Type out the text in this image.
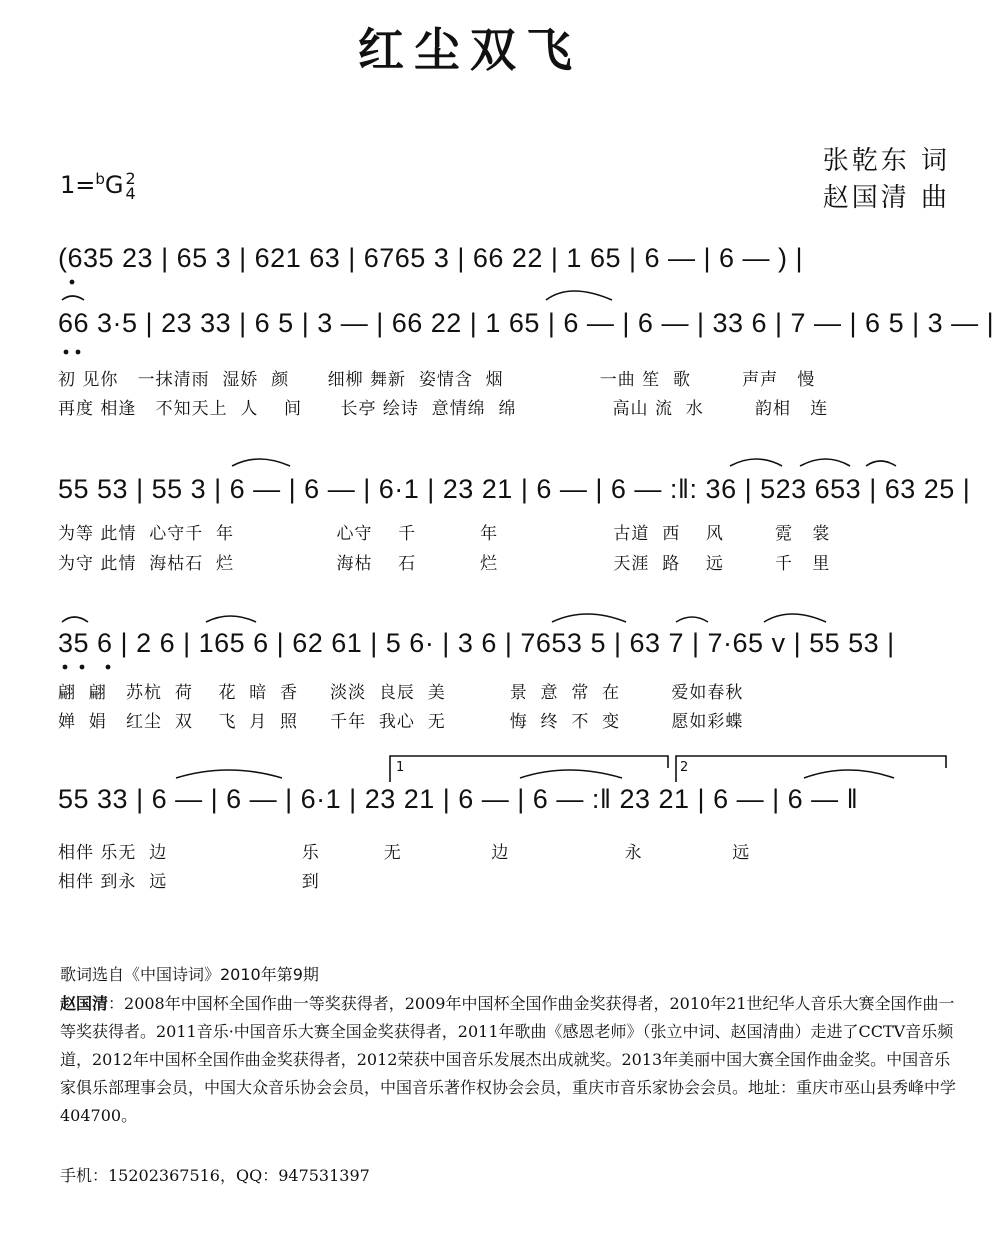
红尘双飞
张乾东 词
赵国清 曲
1=$^b$G 2
4
(635 23 | 65 3 | 621 63 | 6765 3 | 66 22 | 1 65 | 6 — | 6 — ) |
66 3·5 | 23 33 | 6 5 | 3 — | 66 22 | 1 65 | 6 — | 6 — | 33 6 | 7 — | 6 5 | 3 — |
初 见你   一抹清雨  湿娇  颜      细柳 舞新  姿情含  烟               一曲 笙  歌        声声   慢
再度 相逢   不知天上  人    间      长亭 绘诗  意情绵  绵               高山 流  水        韵相   连
55 53 | 55 3 | 6 — | 6 — | 6·1 | 23 21 | 6 — | 6 — :‖: 36 | 523 653 | 63 25 |
为等 此情  心守千  年                心守    千          年                  古道  西    风        霓   裳
为守 此情  海枯石  烂                海枯    石          烂                  天涯  路    远        千   里
35 6 | 2 6 | 165 6 | 62 61 | 5 6· | 3 6 | 7653 5 | 63 7 | 7·65 v | 55 53 |
翩  翩   苏杭  荷    花  暗  香     淡淡  良辰  美          景  意  常  在        爱如春秋
婵  娟   红尘  双    飞  月  照     千年  我心  无          悔  终  不  变        愿如彩蝶
1	2
55 33 | 6 — | 6 — | 6·1 | 23 21 | 6 — | 6 — :‖ 23 21 | 6 — | 6 — ‖
相伴 乐无  边                     乐          无              边                  永              远
相伴 到永  远                     到
歌词选自《中国诗词》2010年第9期
赵国清：2008年中国杯全国作曲一等奖获得者，2009年中国杯全国作曲金奖获得者，2010年21世纪华人音乐大赛全国作曲一等奖获得者。2011音乐·中国音乐大赛全国金奖获得者，2011年歌曲《感恩老师》（张立中词、赵国清曲）走进了CCTV音乐频道，2012年中国杯全国作曲金奖获得者，2012荣获中国音乐发展杰出成就奖。2013年美丽中国大赛全国作曲金奖。中国音乐家俱乐部理事会员，中国大众音乐协会会员，中国音乐著作权协会会员，重庆市音乐家协会会员。地址：重庆市巫山县秀峰中学404700。
手机：15202367516，QQ：947531397
